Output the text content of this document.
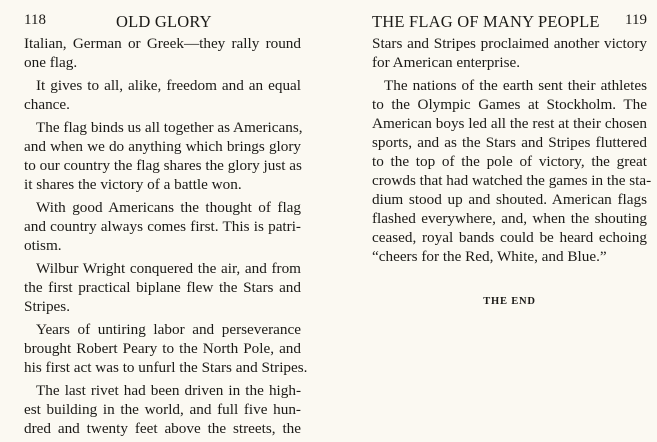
118	OLD GLORY
Italian, German or Greek—they rally round
one flag.
It gives to all, alike, freedom and an equal
chance.
The flag binds us all together as Americans,
and when we do anything which brings glory
to our country the flag shares the glory just as
it shares the victory of a battle won.
With good Americans the thought of flag
and country always comes first. This is patri-
otism.
Wilbur Wright conquered the air, and from
the first practical biplane flew the Stars and
Stripes.
Years of untiring labor and perseverance
brought Robert Peary to the North Pole, and
his first act was to unfurl the Stars and Stripes.
The last rivet had been driven in the high-
est building in the world, and full five hun-
dred and twenty feet above the streets, the
THE FLAG OF MANY PEOPLE 119
Stars and Stripes proclaimed another victory
for American enterprise.
The nations of the earth sent their athletes
to the Olympic Games at Stockholm. The
American boys led all the rest at their chosen
sports, and as the Stars and Stripes fluttered
to the top of the pole of victory, the great
crowds that had watched the games in the sta-
dium stood up and shouted. American flags
flashed everywhere, and, when the shouting
ceased, royal bands could be heard echoing
“cheers for the Red, White, and Blue.”
THE END
